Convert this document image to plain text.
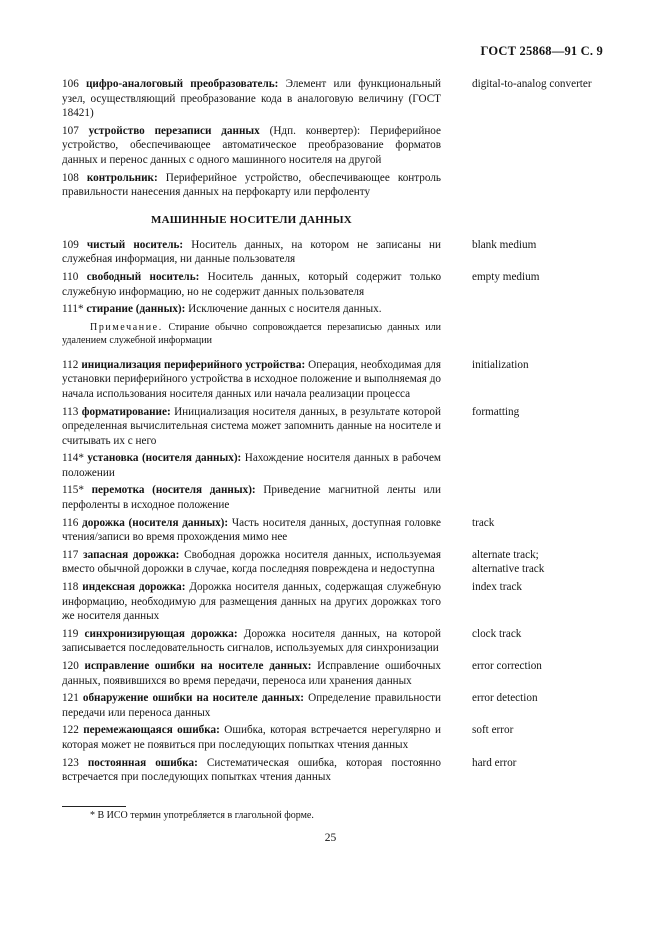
ГОСТ 25868—91 С. 9
106 цифро-аналоговый преобразователь: Элемент или функциональный узел, осуществляющий преобразование кода в аналоговую величину (ГОСТ 18421)
digital-to-analog converter
107 устройство перезаписи данных (Ндп. конвертер): Периферийное устройство, обеспечивающее автоматическое преобразование форматов данных и перенос данных с одного машинного носителя на другой
108 контрольник: Периферийное устройство, обеспечивающее контроль правильности нанесения данных на перфокарту или перфоленту
МАШИННЫЕ НОСИТЕЛИ ДАННЫХ
109 чистый носитель: Носитель данных, на котором не записаны ни служебная информация, ни данные пользователя
blank medium
110 свободный носитель: Носитель данных, который содержит только служебную информацию, но не содержит данных пользователя
empty medium
111* стирание (данных): Исключение данных с носителя данных.
Примечание. Стирание обычно сопровождается перезаписью данных или удалением служебной информации
112 инициализация периферийного устройства: Операция, необходимая для установки периферийного устройства в исходное положение и выполняемая до начала использования носителя данных или начала реализации процесса
initialization
113 форматирование: Инициализация носителя данных, в результате которой определенная вычислительная система может запомнить данные на носителе и считывать их с него
formatting
114* установка (носителя данных): Нахождение носителя данных в рабочем положении
115* перемотка (носителя данных): Приведение магнитной ленты или перфоленты в исходное положение
116 дорожка (носителя данных): Часть носителя данных, доступная головке чтения/записи во время прохождения мимо нее
track
117 запасная дорожка: Свободная дорожка носителя данных, используемая вместо обычной дорожки в случае, когда последняя повреждена и недоступна
alternate track;
alternative track
118 индексная дорожка: Дорожка носителя данных, содержащая служебную информацию, необходимую для размещения данных на других дорожках того же носителя данных
index track
119 синхронизирующая дорожка: Дорожка носителя данных, на которой записывается последовательность сигналов, используемых для синхронизации
clock track
120 исправление ошибки на носителе данных: Исправление ошибочных данных, появившихся во время передачи, переноса или хранения данных
error correction
121 обнаружение ошибки на носителе данных: Определение правильности передачи или переноса данных
error detection
122 перемежающаяся ошибка: Ошибка, которая встречается нерегулярно и которая может не появиться при последующих попытках чтения данных
soft error
123 постоянная ошибка: Систематическая ошибка, которая постоянно встречается при последующих попытках чтения данных
hard error
* В ИСО термин употребляется в глагольной форме.
25
